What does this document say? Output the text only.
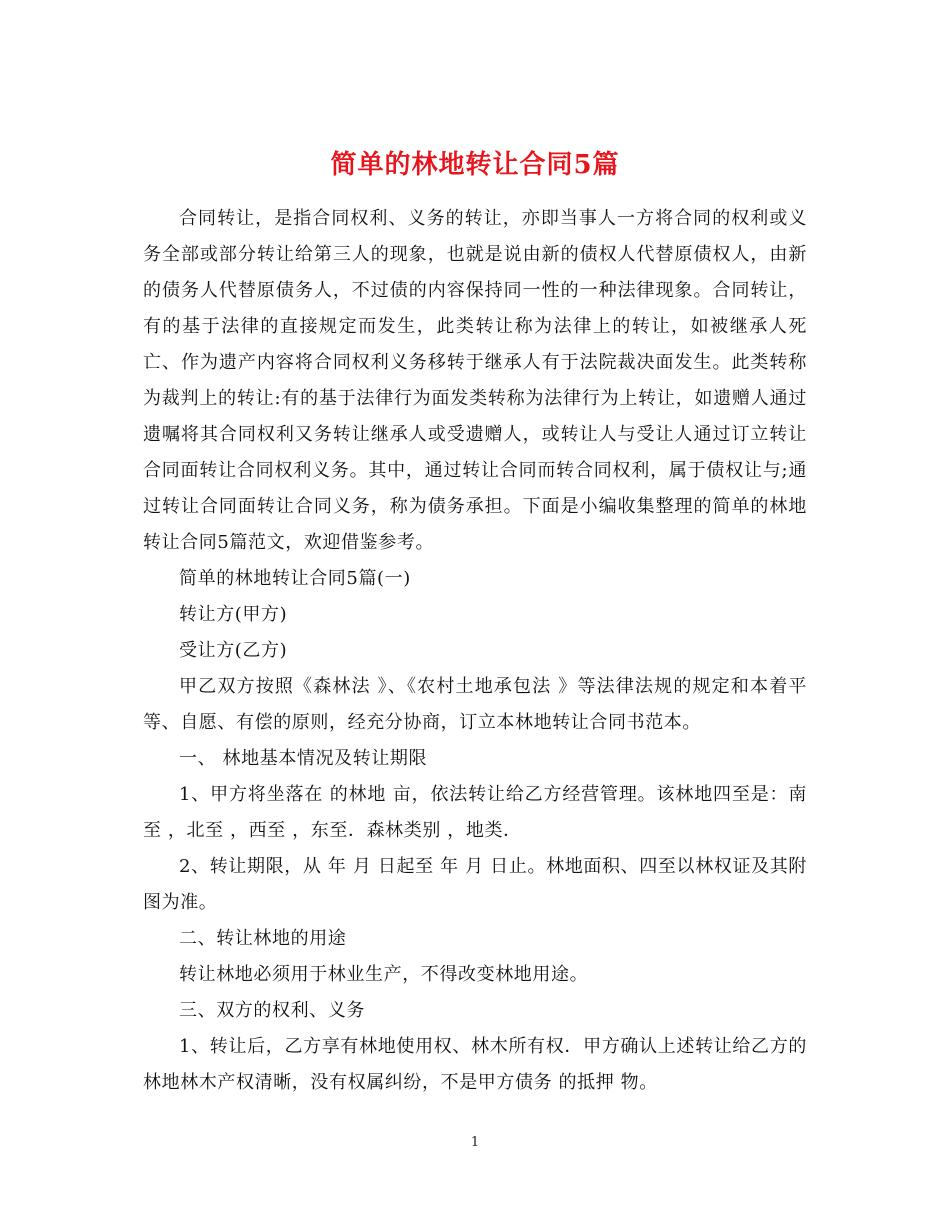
简单的林地转让合同5篇

合同转让，是指合同权利、义务的转让，亦即当事人一方将合同的权利或义务全部或部分转让给第三人的现象，也就是说由新的债权人代替原债权人，由新的债务人代替原债务人，不过债的内容保持同一性的一种法律现象。合同转让，有的基于法律的直接规定而发生，此类转让称为法律上的转让，如被继承人死亡、作为遗产内容将合同权利义务移转于继承人有于法院裁决面发生。此类转称为裁判上的转让:有的基于法律行为面发类转称为法律行为上转让，如遗赠人通过遗嘱将其合同权利又务转让继承人或受遗赠人，或转让人与受让人通过订立转让合同面转让合同权利义务。其中，通过转让合同而转合同权利，属于债权让与;通过转让合同面转让合同义务，称为债务承担。下面是小编收集整理的简单的林地转让合同5篇范文，欢迎借鉴参考。

简单的林地转让合同5篇(一)

转让方(甲方)

受让方(乙方)

甲乙双方按照《森林法 》、《农村土地承包法 》等法律法规的规定和本着平等、自愿、有偿的原则，经充分协商，订立本林地转让合同书范本。

一、 林地基本情况及转让期限

1、甲方将坐落在 的林地 亩，依法转让给乙方经营管理。该林地四至是：南至 ，北至 ，西至 ，东至．森林类别 ，地类．

2、转让期限，从 年 月 日起至 年 月 日止。林地面积、四至以林权证及其附图为准。

二、转让林地的用途

转让林地必须用于林业生产，不得改变林地用途。

三、双方的权利、义务

1、转让后，乙方享有林地使用权、林木所有权．甲方确认上述转让给乙方的林地林木产权清晰，没有权属纠纷，不是甲方债务 的抵押 物。

1
